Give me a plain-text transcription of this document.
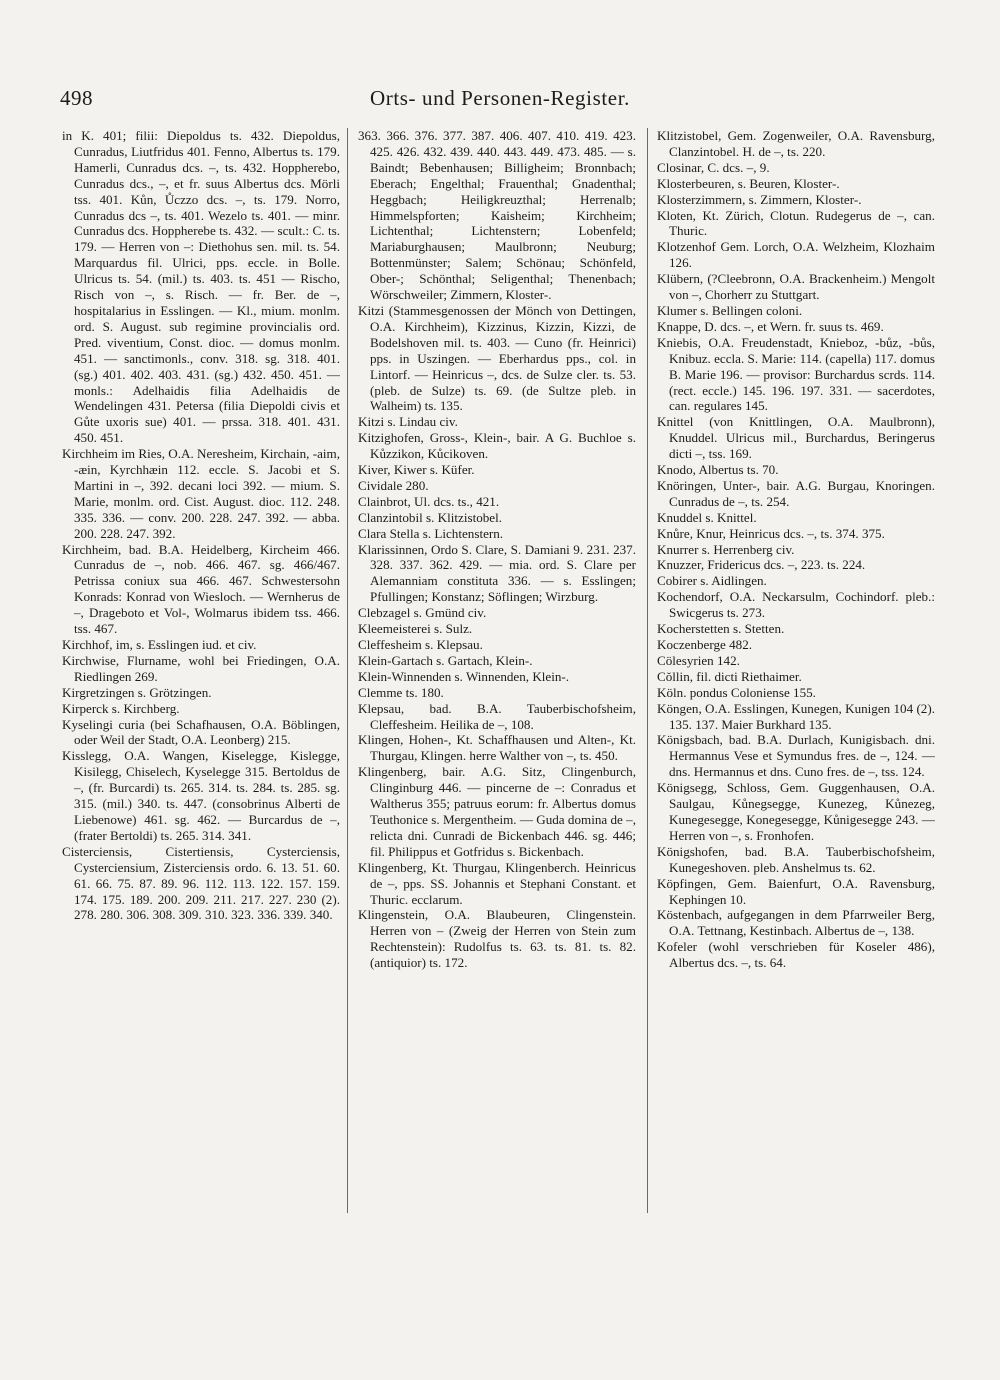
498	Orts- und Personen-Register.

in K. 401; filii: Diepoldus ts. 432. Diepoldus, Cunradus, Liutfridus 401. Fenno, Albertus ts. 179. Hamerli, Cunradus dcs. –, ts. 432. Hoppherebo, Cunradus dcs., –, et fr. suus Albertus dcs. Mörli tss. 401. Kůn, Ůczzo dcs. –, ts. 179. Norro, Cunradus dcs –, ts. 401. Wezelo ts. 401. — minr. Cunradus dcs. Hoppherebe ts. 432. — scult.: C. ts. 179. — Herren von –: Diethohus sen. mil. ts. 54. Marquardus fil. Ulrici, pps. eccle. in Bolle. Ulricus ts. 54. (mil.) ts. 403. ts. 451 — Rischo, Risch von –, s. Risch. — fr. Ber. de –, hospitalarius in Esslingen. — Kl., mium. monlm. ord. S. August. sub regimine provincialis ord. Pred. viventium, Const. dioc. — domus monlm. 451. — sanctimonls., conv. 318. sg. 318. 401. (sg.) 401. 402. 403. 431. (sg.) 432. 450. 451. — monls.: Adelhaidis filia Adelhaidis de Wendelingen 431. Petersa (filia Diepoldi civis et Gůte uxoris sue) 401. — prssa. 318. 401. 431. 450. 451.

Kirchheim im Ries, O.A. Neresheim, Kirchain, -aim, -æin, Kyrchhæin 112. eccle. S. Jacobi et S. Martini in –, 392. decani loci 392. — mium. S. Marie, monlm. ord. Cist. August. dioc. 112. 248. 335. 336. — conv. 200. 228. 247. 392. — abba. 200. 228. 247. 392.

Kirchheim, bad. B.A. Heidelberg, Kircheim 466. Cunradus de –, nob. 466. 467. sg. 466/467. Petrissa coniux sua 466. 467. Schwestersohn Konrads: Konrad von Wiesloch. — Wernherus de –, Drageboto et Vol-, Wolmarus ibidem tss. 466. tss. 467.

Kirchhof, im, s. Esslingen iud. et civ.

Kirchwise, Flurname, wohl bei Friedingen, O.A. Riedlingen 269.

Kirgretzingen s. Grötzingen.

Kirperck s. Kirchberg.

Kyselingi curia (bei Schafhausen, O.A. Böblingen, oder Weil der Stadt, O.A. Leonberg) 215.

Kisslegg, O.A. Wangen, Kiselegge, Kislegge, Kisilegg, Chiselech, Kyselegge 315. Bertoldus de –, (fr. Burcardi) ts. 265. 314. ts. 284. ts. 285. sg. 315. (mil.) 340. ts. 447. (consobrinus Alberti de Liebenowe) 461. sg. 462. — Burcardus de –, (frater Bertoldi) ts. 265. 314. 341.

Cisterciensis, Cistertiensis, Cysterciensis, Cysterciensium, Zisterciensis ordo. 6. 13. 51. 60. 61. 66. 75. 87. 89. 96. 112. 113. 122. 157. 159. 174. 175. 189. 200. 209. 211. 217. 227. 230 (2). 278. 280. 306. 308. 309. 310. 323. 336. 339. 340.

363. 366. 376. 377. 387. 406. 407. 410. 419. 423. 425. 426. 432. 439. 440. 443. 449. 473. 485. — s. Baindt; Bebenhausen; Billigheim; Bronnbach; Eberach; Engelthal; Frauenthal; Gnadenthal; Heggbach; Heiligkreuzthal; Herrenalb; Himmelspforten; Kaisheim; Kirchheim; Lichtenthal; Lichtenstern; Lobenfeld; Mariaburghausen; Maulbronn; Neuburg; Bottenmünster; Salem; Schönau; Schönfeld, Ober-; Schönthal; Seligenthal; Thenenbach; Wörschweiler; Zimmern, Kloster-.

Kitzi (Stammesgenossen der Mönch von Dettingen, O.A. Kirchheim), Kizzinus, Kizzin, Kizzi, de Bodelshoven mil. ts. 403. — Cuno (fr. Heinrici) pps. in Uszingen. — Eberhardus pps., col. in Lintorf. — Heinricus –, dcs. de Sulze cler. ts. 53. (pleb. de Sulze) ts. 69. (de Sultze pleb. in Walheim) ts. 135.

Kitzi s. Lindau civ.

Kitzighofen, Gross-, Klein-, bair. A G. Buchloe s. Kůzzikon, Kůcikoven.

Kiver, Kiwer s. Küfer.

Cividale 280.

Clainbrot, Ul. dcs. ts., 421.

Clanzintobil s. Klitzistobel.

Clara Stella s. Lichtenstern.

Klarissinnen, Ordo S. Clare, S. Damiani 9. 231. 237. 328. 337. 362. 429. — mia. ord. S. Clare per Alemanniam constituta 336. — s. Esslingen; Pfullingen; Konstanz; Söflingen; Wirzburg.

Clebzagel s. Gmünd civ.

Kleemeisterei s. Sulz.

Cleffesheim s. Klepsau.

Klein-Gartach s. Gartach, Klein-.

Klein-Winnenden s. Winnenden, Klein-.

Clemme ts. 180.

Klepsau, bad. B.A. Tauberbischofsheim, Cleffesheim. Heilika de –, 108.

Klingen, Hohen-, Kt. Schaffhausen und Alten-, Kt. Thurgau, Klingen. herre Walther von –, ts. 450.

Klingenberg, bair. A.G. Sitz, Clingenburch, Clinginburg 446. — pincerne de –: Conradus et Waltherus 355; patruus eorum: fr. Albertus domus Teuthonice s. Mergentheim. — Guda domina de –, relicta dni. Cunradi de Bickenbach 446. sg. 446; fil. Philippus et Gotfridus s. Bickenbach.

Klingenberg, Kt. Thurgau, Klingenberch. Heinricus de –, pps. SS. Johannis et Stephani Constant. et Thuric. ecclarum.

Klingenstein, O.A. Blaubeuren, Clingenstein. Herren von – (Zweig der Herren von Stein zum Rechtenstein): Rudolfus ts. 63. ts. 81. ts. 82. (antiquior) ts. 172.

Klitzistobel, Gem. Zogenweiler, O.A. Ravensburg, Clanzintobel. H. de –, ts. 220.

Closinar, C. dcs. –, 9.

Klosterbeuren, s. Beuren, Kloster-.

Klosterzimmern, s. Zimmern, Kloster-.

Kloten, Kt. Zürich, Clotun. Rudegerus de –, can. Thuric.

Klotzenhof Gem. Lorch, O.A. Welzheim, Klozhaim 126.

Klübern, (?Cleebronn, O.A. Brackenheim.) Mengolt von –, Chorherr zu Stuttgart.

Klumer s. Bellingen coloni.

Knappe, D. dcs. –, et Wern. fr. suus ts. 469.

Kniebis, O.A. Freudenstadt, Knieboz, -bůz, -bůs, Knibuz. eccla. S. Marie: 114. (capella) 117. domus B. Marie 196. — provisor: Burchardus scrds. 114. (rect. eccle.) 145. 196. 197. 331. — sacerdotes, can. regulares 145.

Knittel (von Knittlingen, O.A. Maulbronn), Knuddel. Ulricus mil., Burchardus, Beringerus dicti –, tss. 169.

Knodo, Albertus ts. 70.

Knöringen, Unter-, bair. A.G. Burgau, Knoringen. Cunradus de –, ts. 254.

Knuddel s. Knittel.

Knůre, Knur, Heinricus dcs. –, ts. 374. 375.

Knurrer s. Herrenberg civ.

Knuzzer, Fridericus dcs. –, 223. ts. 224.

Cobirer s. Aidlingen.

Kochendorf, O.A. Neckarsulm, Cochindorf. pleb.: Swicgerus ts. 273.

Kocherstetten s. Stetten.

Koczenberge 482.

Cölesyrien 142.

Cŏllin, fil. dicti Riethaimer.

Köln. pondus Coloniense 155.

Köngen, O.A. Esslingen, Kunegen, Kunigen 104 (2). 135. 137. Maier Burkhard 135.

Königsbach, bad. B.A. Durlach, Kunigisbach. dni. Hermannus Vese et Symundus fres. de –, 124. — dns. Hermannus et dns. Cuno fres. de –, tss. 124.

Königsegg, Schloss, Gem. Guggenhausen, O.A. Saulgau, Kůnegsegge, Kunezeg, Kůnezeg, Kunegesegge, Konegesegge, Kůnigesegge 243. — Herren von –, s. Fronhofen.

Königshofen, bad. B.A. Tauberbischofsheim, Kunegeshoven. pleb. Anshelmus ts. 62.

Köpfingen, Gem. Baienfurt, O.A. Ravensburg, Kephingen 10.

Köstenbach, aufgegangen in dem Pfarrweiler Berg, O.A. Tettnang, Kestinbach. Albertus de –, 138.

Kofeler (wohl verschrieben für Koseler 486), Albertus dcs. –, ts. 64.
